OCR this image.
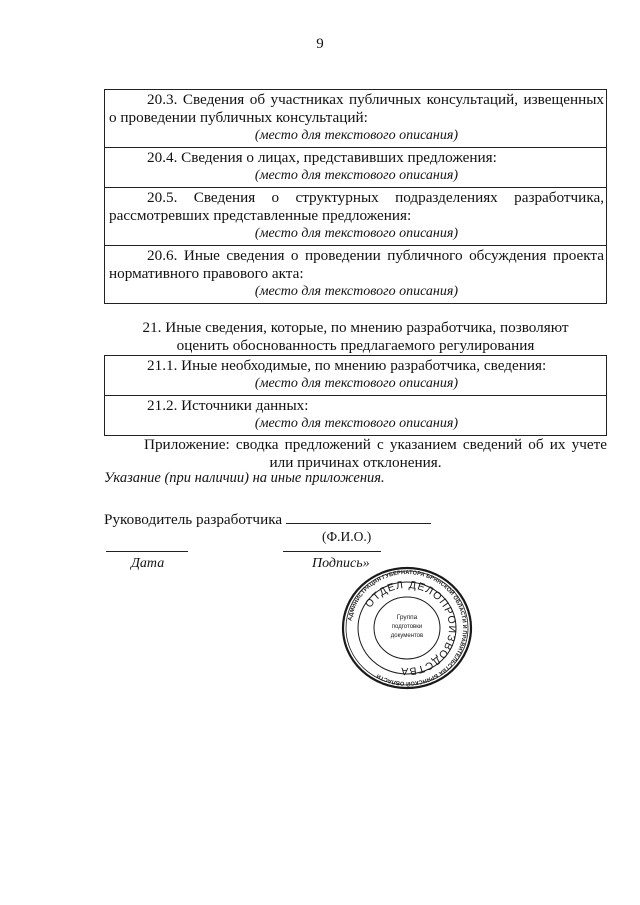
9
20.3. Сведения об участниках публичных консультаций, извещенных о проведении публичных консультаций:
(место для текстового описания)
20.4. Сведения о лицах, представивших предложения:
(место для текстового описания)
20.5. Сведения о структурных подразделениях разработчика, рассмотревших представленные предложения:
(место для текстового описания)
20.6. Иные сведения о проведении публичного обсуждения проекта нормативного правового акта:
(место для текстового описания)
21. Иные сведения, которые, по мнению разработчика, позволяют
оценить обоснованность предлагаемого регулирования
21.1. Иные необходимые, по мнению разработчика, сведения:
(место для текстового описания)
21.2. Источники данных:
(место для текстового описания)
Приложение: сводка предложений с указанием сведений об их учете
или причинах отклонения.
Указание (при наличии) на иные приложения.
Руководитель разработчика
(Ф.И.О.)
Дата	Подпись»
АДМИНИСТРАЦИЯ ГУБЕРНАТОРА БРЯНСКОЙ ОБЛАСТИ И ПРАВИТЕЛЬСТВА БРЯНСКОЙ ОБЛАСТИ
ОТДЕЛ ДЕЛОПРОИЗВОДСТВА
Группа
подготовки
документов
